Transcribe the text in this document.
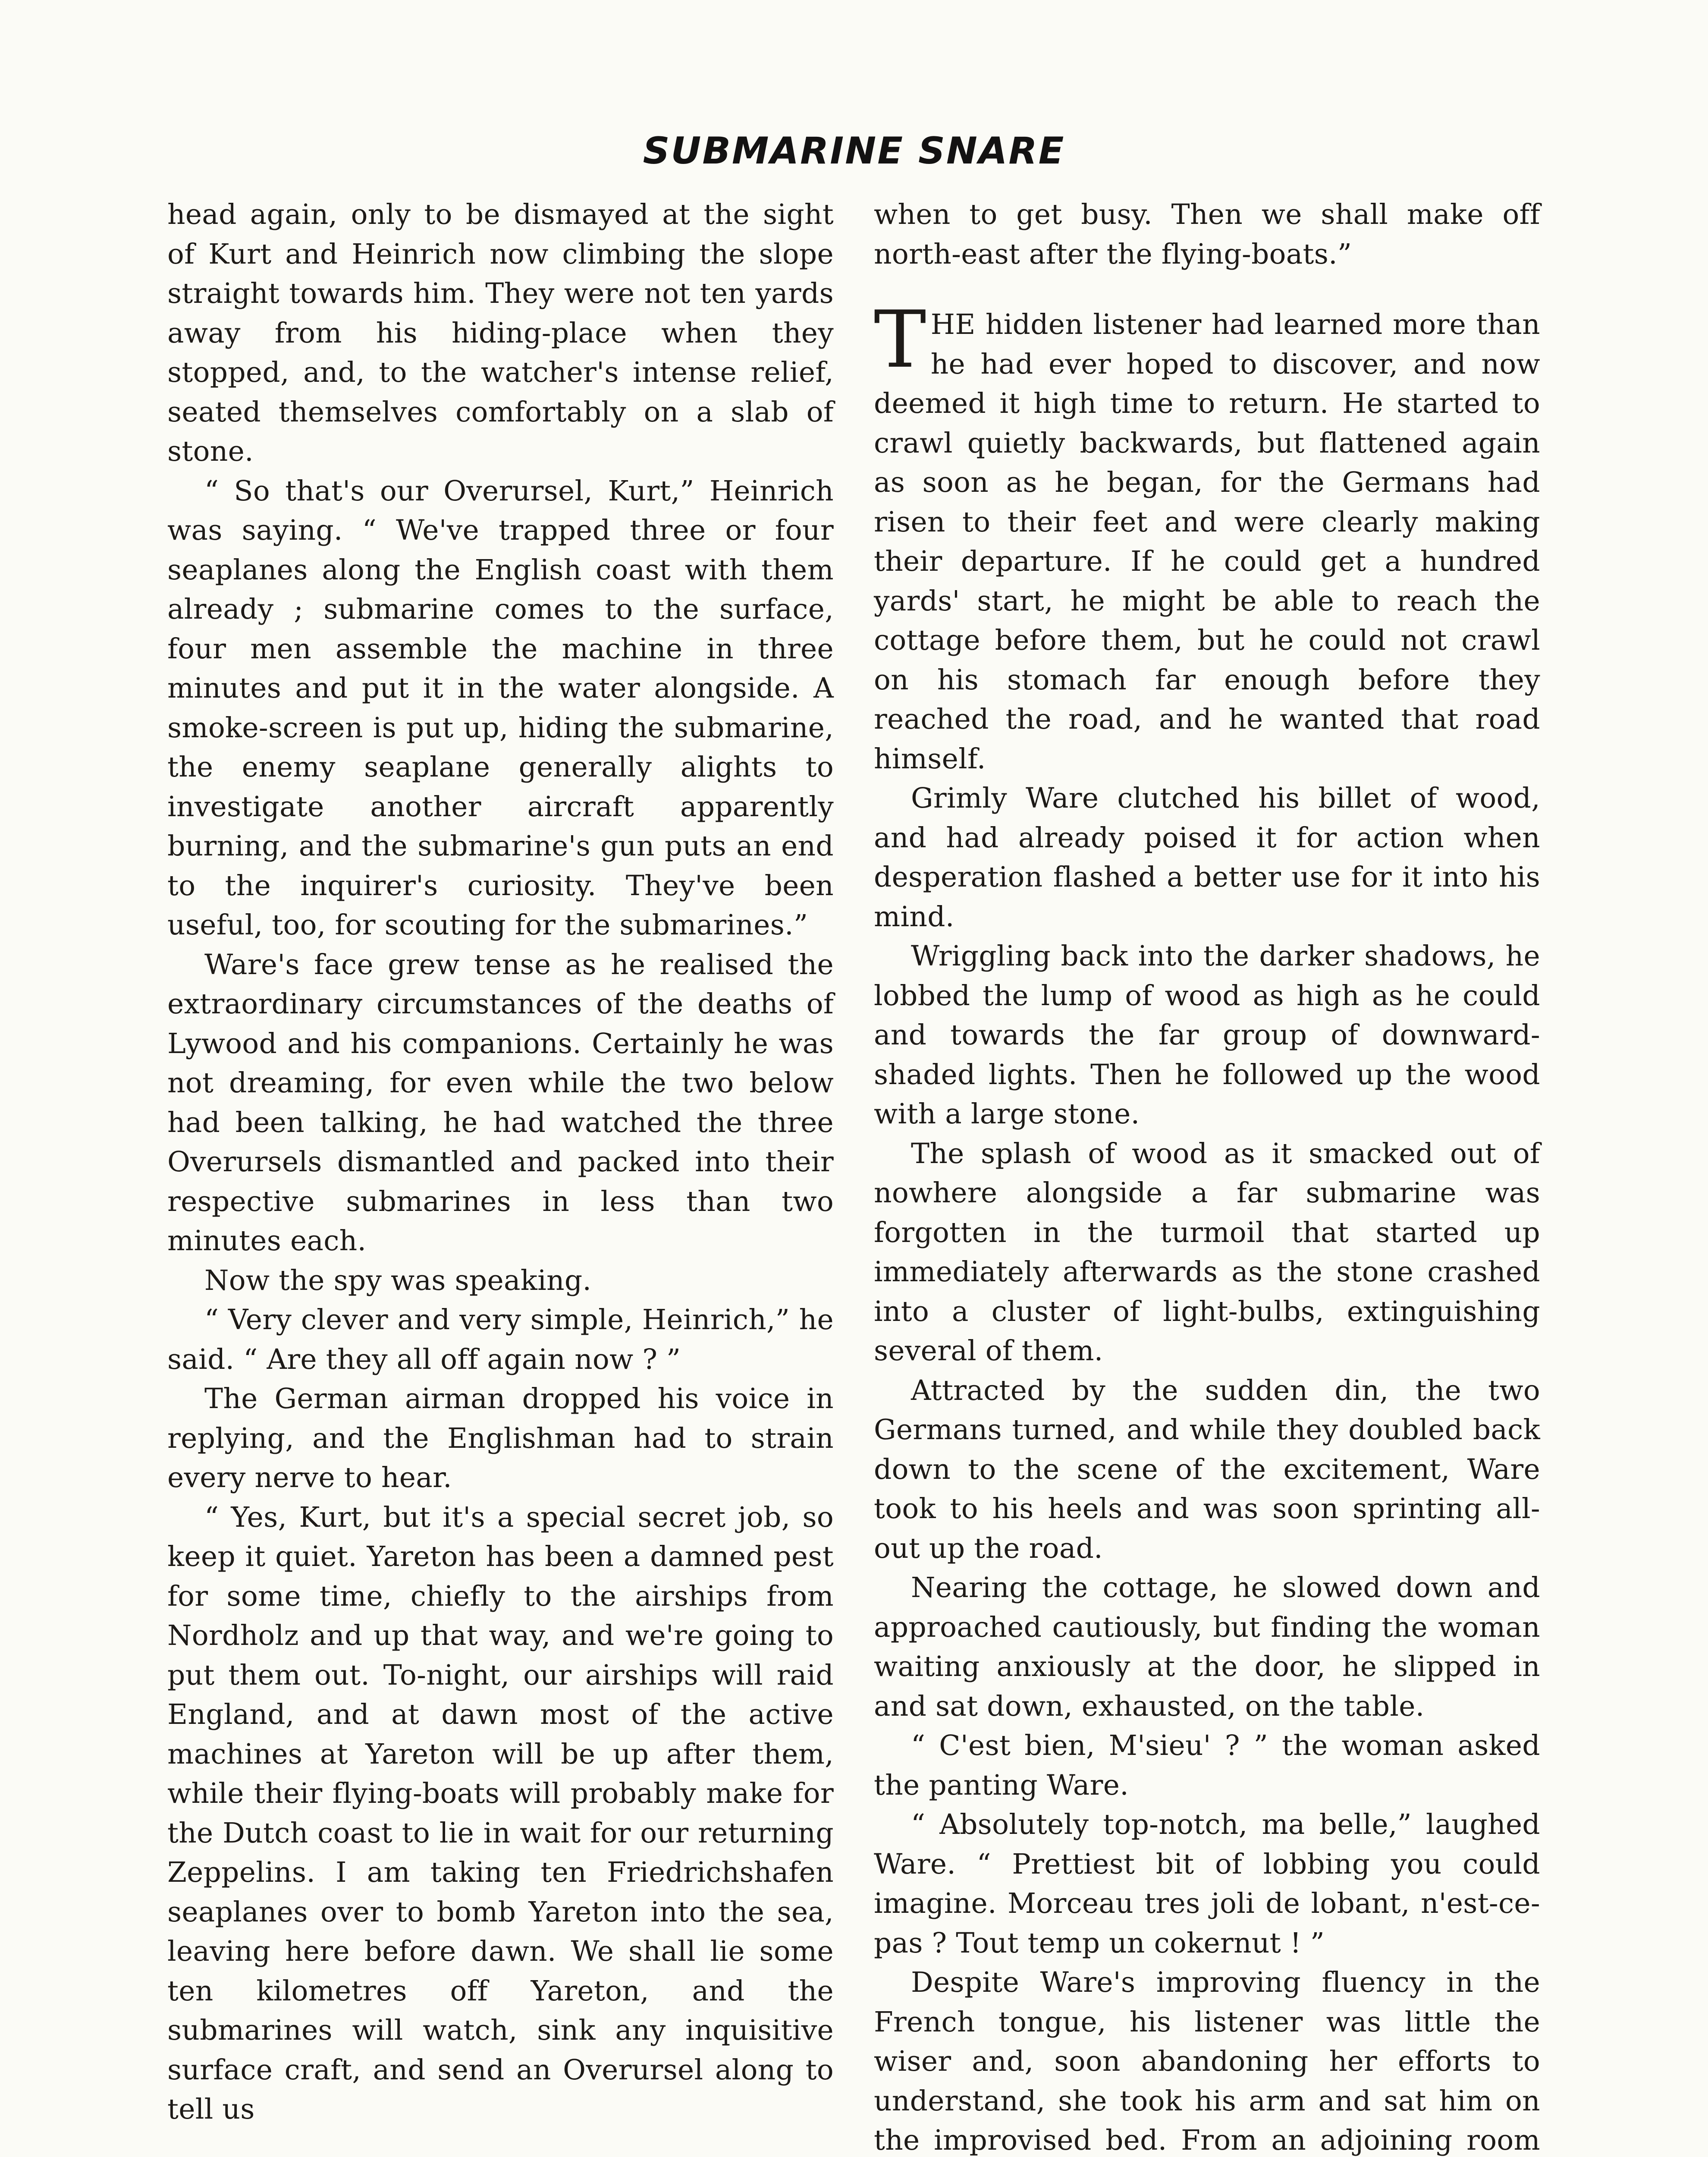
SUBMARINE SNARE

head again, only to be dismayed at the sight of Kurt and Heinrich now climbing the slope straight towards him. They were not ten yards away from his hiding-place when they stopped, and, to the watcher's intense relief, seated themselves comfortably on a slab of stone.

“ So that's our Overursel, Kurt,” Heinrich was saying. “ We've trapped three or four seaplanes along the English coast with them already ; submarine comes to the surface, four men assemble the machine in three minutes and put it in the water alongside. A smoke-screen is put up, hiding the submarine, the enemy seaplane generally alights to investigate another aircraft apparently burning, and the submarine's gun puts an end to the inquirer's curiosity. They've been useful, too, for scouting for the submarines.”

Ware's face grew tense as he realised the extraordinary circumstances of the deaths of Lywood and his companions. Certainly he was not dreaming, for even while the two below had been talking, he had watched the three Overursels dismantled and packed into their respective submarines in less than two minutes each.

Now the spy was speaking.

“ Very clever and very simple, Heinrich,” he said. “ Are they all off again now ? ”

The German airman dropped his voice in replying, and the Englishman had to strain every nerve to hear.

“ Yes, Kurt, but it's a special secret job, so keep it quiet. Yareton has been a damned pest for some time, chiefly to the airships from Nordholz and up that way, and we're going to put them out. To-night, our airships will raid England, and at dawn most of the active machines at Yareton will be up after them, while their flying-boats will probably make for the Dutch coast to lie in wait for our returning Zeppelins. I am taking ten Friedrichshafen seaplanes over to bomb Yareton into the sea, leaving here before dawn. We shall lie some ten kilometres off Yareton, and the submarines will watch, sink any inquisitive surface craft, and send an Overursel along to tell us

when to get busy. Then we shall make off north-east after the flying-boats.”

THE hidden listener had learned more than he had ever hoped to discover, and now deemed it high time to return. He started to crawl quietly backwards, but flattened again as soon as he began, for the Germans had risen to their feet and were clearly making their departure. If he could get a hundred yards' start, he might be able to reach the cottage before them, but he could not crawl on his stomach far enough before they reached the road, and he wanted that road himself.

Grimly Ware clutched his billet of wood, and had already poised it for action when desperation flashed a better use for it into his mind.

Wriggling back into the darker shadows, he lobbed the lump of wood as high as he could and towards the far group of downward-shaded lights. Then he followed up the wood with a large stone.

The splash of wood as it smacked out of nowhere alongside a far submarine was forgotten in the turmoil that started up immediately afterwards as the stone crashed into a cluster of light-bulbs, extinguishing several of them.

Attracted by the sudden din, the two Germans turned, and while they doubled back down to the scene of the excitement, Ware took to his heels and was soon sprinting all-out up the road.

Nearing the cottage, he slowed down and approached cautiously, but finding the woman waiting anxiously at the door, he slipped in and sat down, exhausted, on the table.

“ C'est bien, M'sieu' ? ” the woman asked the panting Ware.

“ Absolutely top-notch, ma belle,” laughed Ware. “ Prettiest bit of lobbing you could imagine. Morceau tres joli de lobant, n'est-ce-pas ? Tout temp un cokernut ! ”

Despite Ware's improving fluency in the French tongue, his listener was little the wiser and, soon abandoning her efforts to understand, she took his arm and sat him on the improvised bed. From an adjoining room
